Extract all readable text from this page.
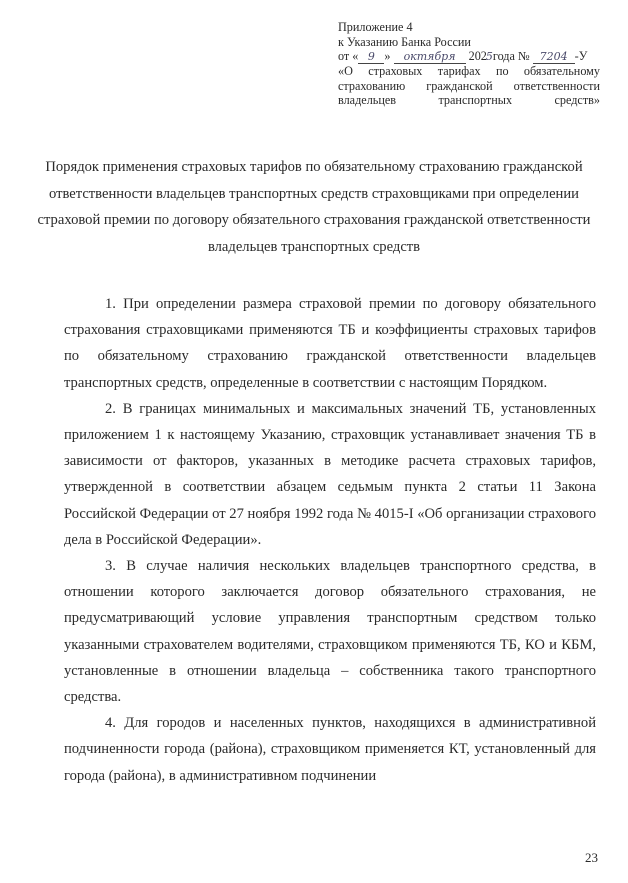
Приложение 4
к Указанию Банка России
от « 9 » октября 2025года № 7204 -У
«О страховых тарифах по обязательному страхованию гражданской ответственности владельцев транспортных средств»
Порядок применения страховых тарифов по обязательному страхованию гражданской ответственности владельцев транспортных средств страховщиками при определении страховой премии по договору обязательного страхования гражданской ответственности владельцев транспортных средств

1. При определении размера страховой премии по договору обязательного страхования страховщиками применяются ТБ и коэффициенты страховых тарифов по обязательному страхованию гражданской ответственности владельцев транспортных средств, определенные в соответствии с настоящим Порядком.

2. В границах минимальных и максимальных значений ТБ, установленных приложением 1 к настоящему Указанию, страховщик устанавливает значения ТБ в зависимости от факторов, указанных в методике расчета страховых тарифов, утвержденной в соответствии абзацем седьмым пункта 2 статьи 11 Закона Российской Федерации от 27 ноября 1992 года № 4015-I «Об организации страхового дела в Российской Федерации».

3. В случае наличия нескольких владельцев транспортного средства, в отношении которого заключается договор обязательного страхования, не предусматривающий условие управления транспортным средством только указанными страхователем водителями, страховщиком применяются ТБ, КО и КБМ, установленные в отношении владельца – собственника такого транспортного средства.

4. Для городов и населенных пунктов, находящихся в административной подчиненности города (района), страховщиком применяется КТ, установленный для города (района), в административном подчинении

23
